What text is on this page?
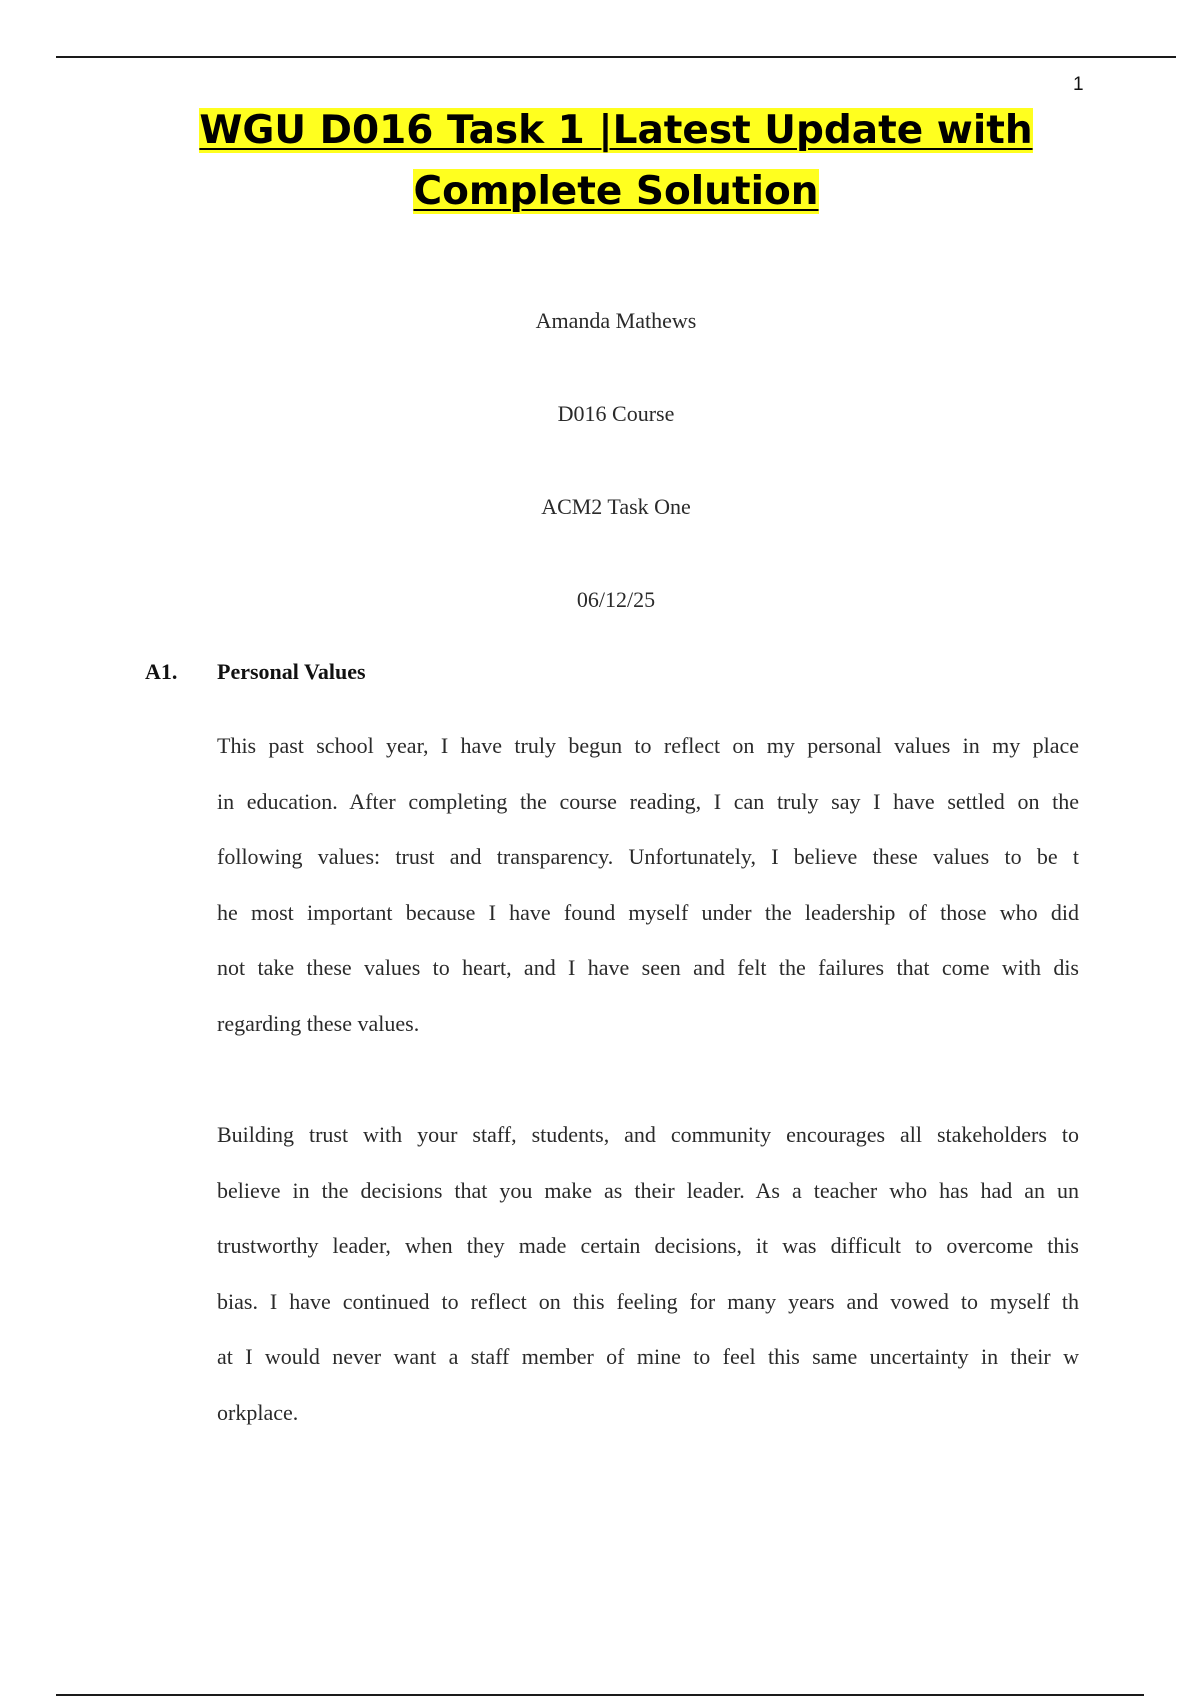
1
WGU D016 Task 1 |Latest Update with
Complete Solution
Amanda Mathews
D016 Course
ACM2 Task One
06/12/25
A1. Personal Values
This past school year, I have truly begun to reflect on my personal values in my place
in education. After completing the course reading, I can truly say I have settled on the
following values: trust and transparency. Unfortunately, I believe these values to be t
he most important because I have found myself under the leadership of those who did
not take these values to heart, and I have seen and felt the failures that come with dis
regarding these values.
Building trust with your staff, students, and community encourages all stakeholders to
believe in the decisions that you make as their leader. As a teacher who has had an un
trustworthy leader, when they made certain decisions, it was difficult to overcome this
bias. I have continued to reflect on this feeling for many years and vowed to myself th
at I would never want a staff member of mine to feel this same uncertainty in their w
orkplace.
